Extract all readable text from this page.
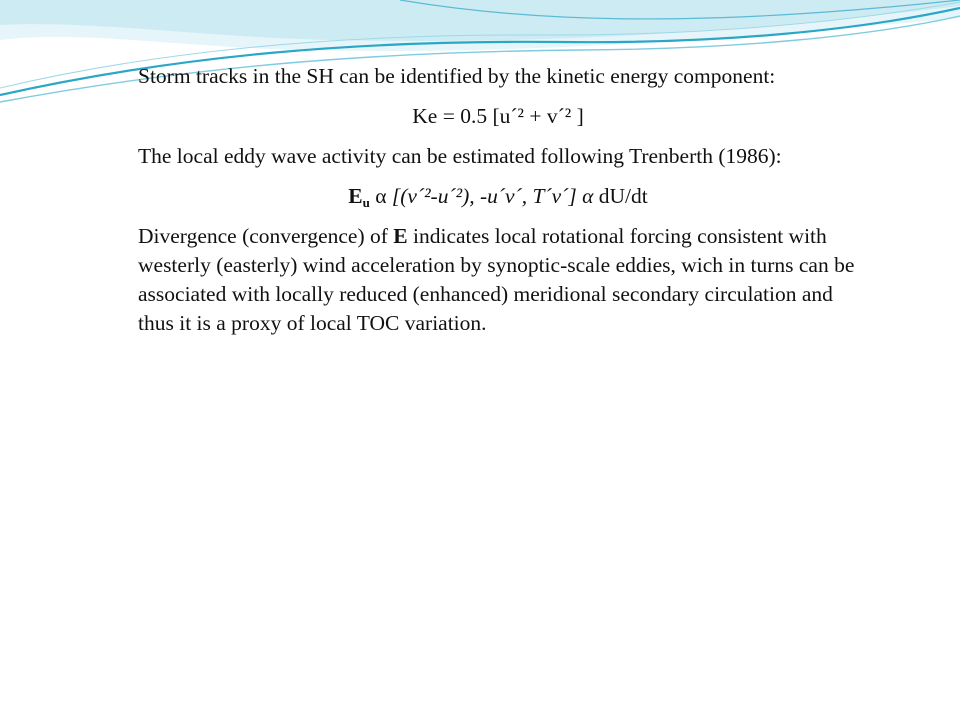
Storm tracks in the SH can be identified by the kinetic energy component:

Ke = 0.5 [u´² + v´² ]

The local eddy wave activity can be estimated following Trenberth (1986):

$E_u$ α [(v´²-u´²), -u´v´, T´v´] α dU/dt

Divergence (convergence) of E indicates local rotational forcing consistent with westerly (easterly) wind acceleration by synoptic-scale eddies, wich in turns can be associated with locally reduced (enhanced) meridional secondary circulation and thus it is a proxy of local TOC variation.
